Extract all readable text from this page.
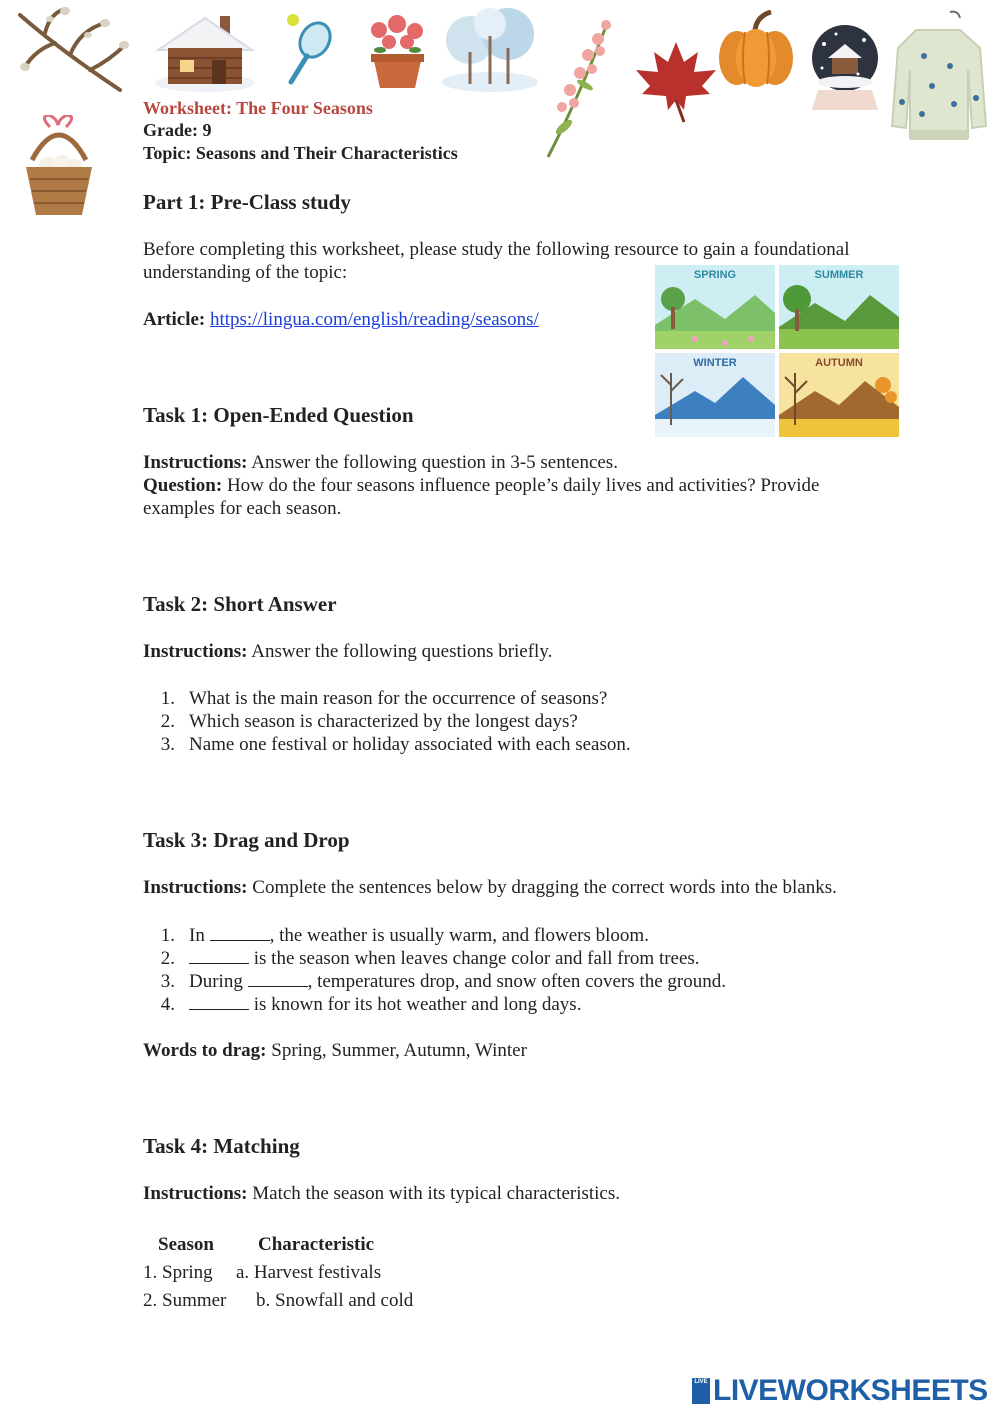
Worksheet: The Four Seasons
Grade: 9
Topic: Seasons and Their Characteristics
Part 1: Pre-Class study
Before completing this worksheet, please study the following resource to gain a foundational
understanding of the topic:
Article: https://lingua.com/english/reading/seasons/
SPRING	SUMMER
WINTER	AUTUMN
Task 1: Open-Ended Question
Instructions: Answer the following question in 3-5 sentences.
Question: How do the four seasons influence people’s daily lives and activities? Provide
examples for each season.
Task 2: Short Answer
Instructions: Answer the following questions briefly.
1. What is the main reason for the occurrence of seasons?
2. Which season is characterized by the longest days?
3. Name one festival or holiday associated with each season.
Task 3: Drag and Drop
Instructions: Complete the sentences below by dragging the correct words into the blanks.
1. In	, the weather is usually warm, and flowers bloom.
2.	is the season when leaves change color and fall from trees.
3. During	, temperatures drop, and snow often covers the ground.
4.	is known for its hot weather and long days.
Words to drag: Spring, Summer, Autumn, Winter
Task 4: Matching
Instructions: Match the season with its typical characteristics.
Season Characteristic
1. Spring a. Harvest festivals
2. Summer b. Snowfall and cold
LIVE LIVEWORKSHEETS
